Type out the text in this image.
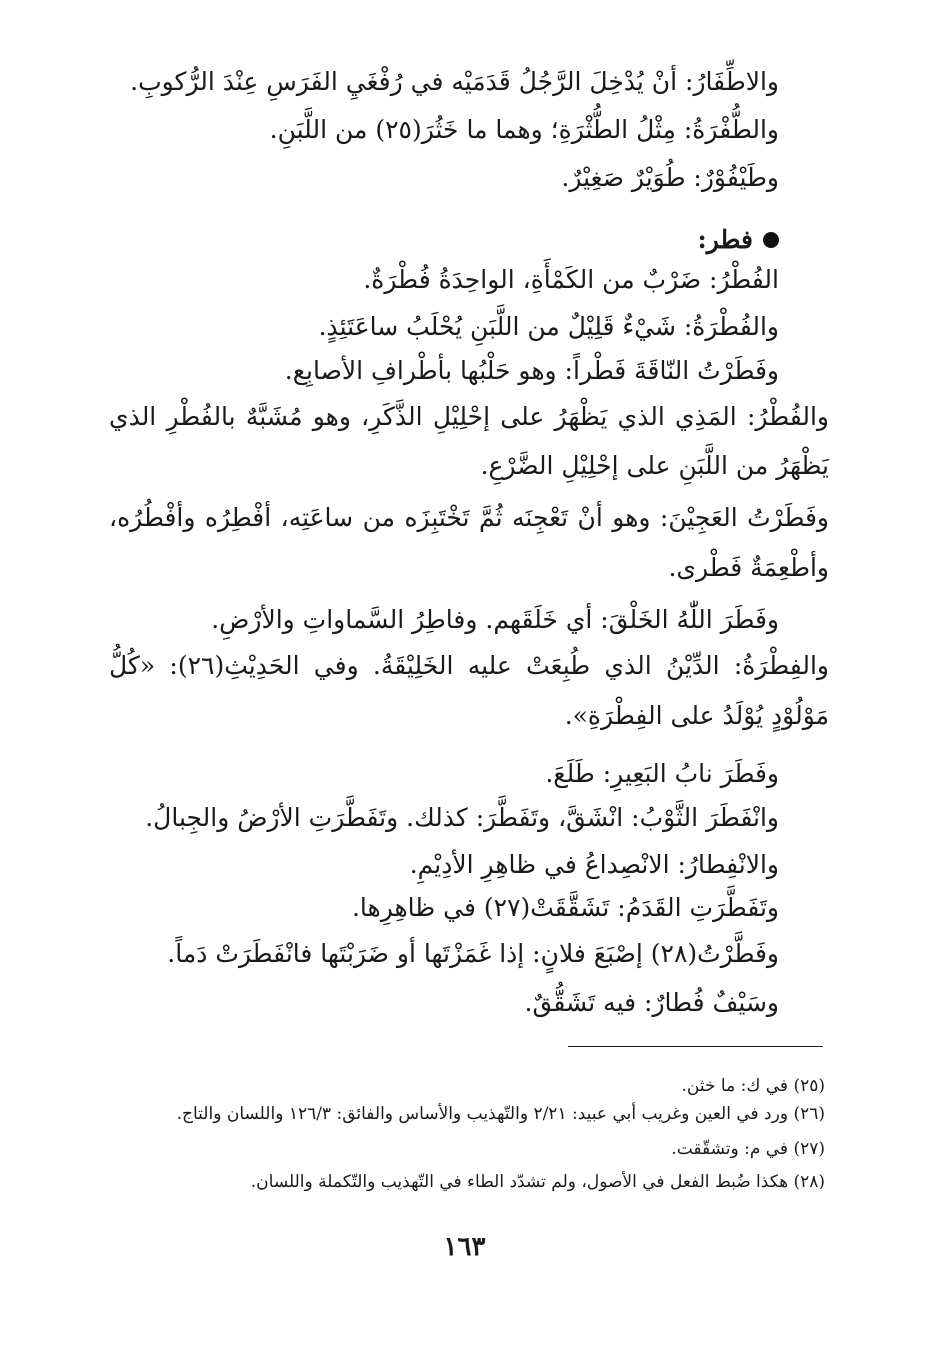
والاطِّفَارُ: أنْ يُدْخِلَ الرَّجُلُ قَدَمَيْه في رُفْغَيِ الفَرَسِ عِنْدَ الرُّكوبِ.
والطُّفْرَةُ: مِثْلُ الطُّثْرَةِ؛ وهما ما خَثُرَ(٢٥) من اللَّبَنِ.
وطَيْفُوْرٌ: طُوَيْرٌ صَغِيْرٌ.
فطر:
الفُطْرُ: ضَرْبٌ من الكَمْأَةِ، الواحِدَةُ فُطْرَةٌ.
والفُطْرَةُ: شَيْءٌ قَلِيْلٌ من اللَّبَنِ يُحْلَبُ ساعَتَئِذٍ.
وفَطَرْتُ النّاقَةَ فَطْراً: وهو حَلْبُها بأطْرافِ الأصابِع.
والفُطْرُ: المَذِي الذي يَظْهَرُ على إحْلِيْلِ الذَّكَرِ، وهو مُشَبَّهٌ بالفُطْرِ الذي
يَظْهَرُ من اللَّبَنِ على إحْلِيْلِ الضَّرْعِ.
وفَطَرْتُ العَجِيْنَ: وهو أنْ تَعْجِنَه ثُمَّ تَخْتَبِزَه من ساعَتِه، أفْطِرُه وأفْطُرُه،
وأطْعِمَةٌ فَطْرى.
وفَطَرَ اللّٰهُ الخَلْقَ: أي خَلَقَهم. وفاطِرُ السَّماواتِ والأرْضِ.
والفِطْرَةُ: الدِّيْنُ الذي طُبِعَتْ عليه الخَلِيْقَةُ. وفي الحَدِيْثِ(٢٦): «كُلُّ
مَوْلُوْدٍ يُوْلَدُ على الفِطْرَةِ».
وفَطَرَ نابُ البَعِيرِ: طَلَعَ.
وانْفَطَرَ الثَّوْبُ: انْشَقَّ، وتَفَطَّرَ: كذلك. وتَفَطَّرَتِ الأرْضُ والجِبالُ.
والانْفِطارُ: الانْصِداعُ في ظاهِرِ الأدِيْمِ.
وتَفَطَّرَتِ القَدَمُ: تَشَقَّقَتْ(٢٧) في ظاهِرِها.
وفَطَّرْتُ(٢٨) إصْبَعَ فلانٍ: إذا غَمَزْتَها أو ضَرَبْتَها فانْفَطَرَتْ دَماً.
وسَيْفٌ فُطارٌ: فيه تَشَقُّقٌ.
(٢٥) في ك: ما خثن.
(٢٦) ورد في العين وغريب أبي عبيد: ٢/٢١ والتّهذيب والأساس والفائق: ١٢٦/٣ واللسان والتاج.
(٢٧) في م: وتشقّقت.
(٢٨) هكذا ضُبط الفعل في الأصول، ولم تشدّد الطاء في التّهذيب والتّكملة واللسان.
١٦٣
